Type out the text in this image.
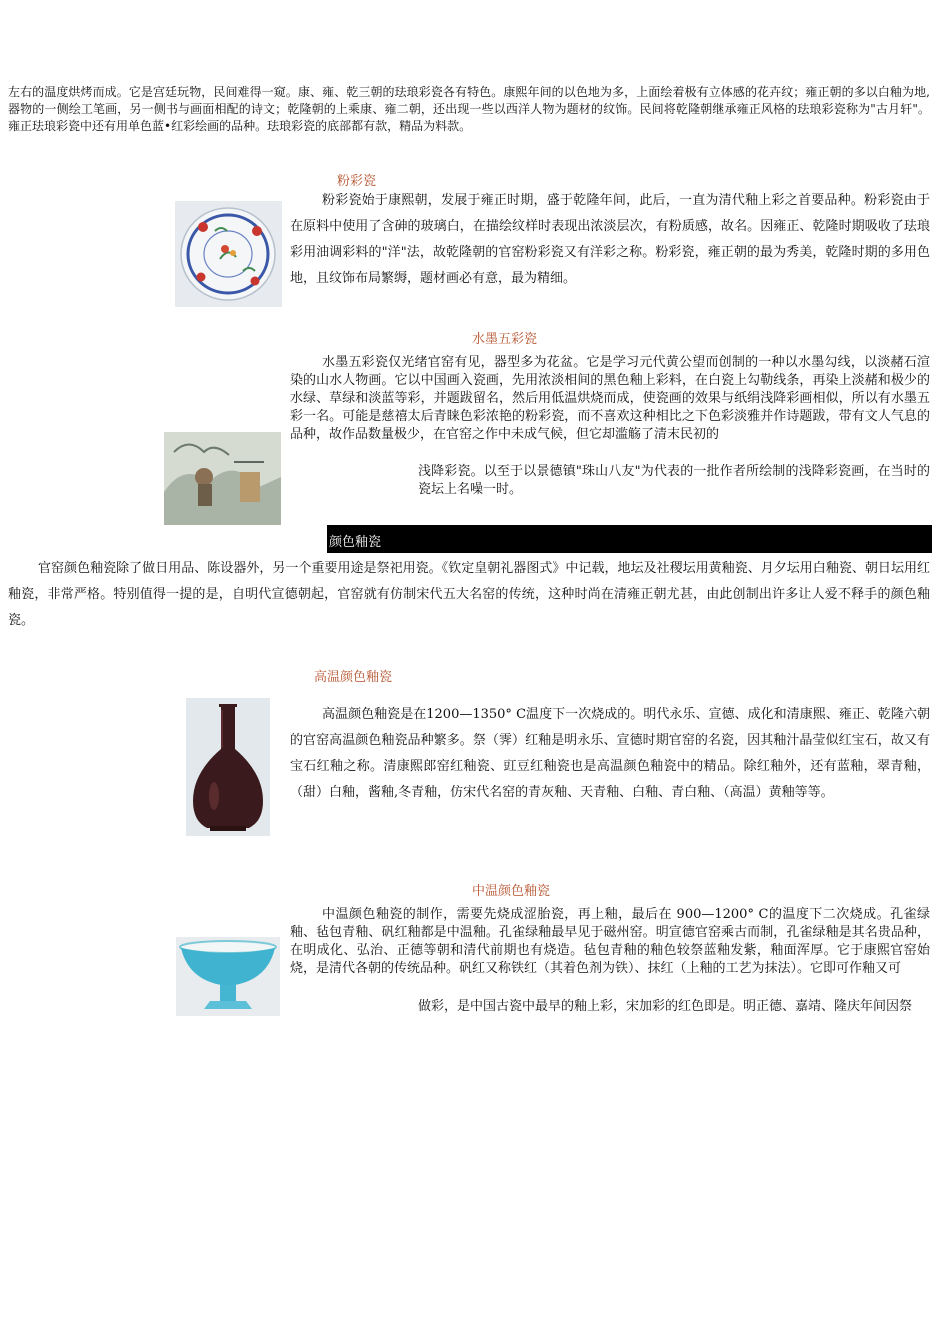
左右的温度烘烤而成。它是宫廷玩物，民间难得一窥。康、雍、乾三朝的珐琅彩瓷各有特色。康熙年间的以色地为多，上面绘着极有立体感的花卉纹；雍正朝的多以白釉为地,器物的一侧绘工笔画，另一侧书与画面相配的诗文；乾隆朝的上乘康、雍二朝，还出现一些以西洋人物为题材的纹饰。民间将乾隆朝继承雍正风格的珐琅彩瓷称为"古月轩"。雍正珐琅彩瓷中还有用单色蓝•红彩绘画的品种。珐琅彩瓷的底部都有款，精品为料款。

粉彩瓷

粉彩瓷始于康熙朝，发展于雍正时期，盛于乾隆年间，此后，一直为清代釉上彩之首要品种。粉彩瓷由于在原料中使用了含砷的玻璃白，在描绘纹样时表现出浓淡层次，有粉质感，故名。因雍正、乾隆时期吸收了珐琅彩用油调彩料的"洋"法，故乾隆朝的官窑粉彩瓷又有洋彩之称。粉彩瓷，雍正朝的最为秀美，乾隆时期的多用色地，且纹饰布局繁缛，题材画必有意，最为精细。

水墨五彩瓷

水墨五彩瓷仅光绪官窑有见，器型多为花盆。它是学习元代黄公望而创制的一种以水墨勾线，以淡赭石渲染的山水人物画。它以中国画入瓷画，先用浓淡相间的黑色釉上彩料，在白瓷上勾勒线条，再染上淡赭和极少的水绿、草绿和淡蓝等彩，并题跋留名，然后用低温烘烧而成，使瓷画的效果与纸绢浅降彩画相似，所以有水墨五彩一名。可能是慈禧太后青睐色彩浓艳的粉彩瓷，而不喜欢这种相比之下色彩淡雅并作诗题跋，带有文人气息的品种，故作品数量极少，在官窑之作中未成气候，但它却滥觞了清末民初的

浅降彩瓷。以至于以景德镇"珠山八友"为代表的一批作者所绘制的浅降彩瓷画，在当时的瓷坛上名噪一时。

颜色釉瓷

官窑颜色釉瓷除了做日用品、陈设器外，另一个重要用途是祭祀用瓷。《钦定皇朝礼器图式》中记载，地坛及社稷坛用黄釉瓷、月夕坛用白釉瓷、朝日坛用红釉瓷，非常严格。特别值得一提的是，自明代宣德朝起，官窑就有仿制宋代五大名窑的传统，这种时尚在清雍正朝尤甚，由此创制出许多让人爱不释手的颜色釉瓷。

高温颜色釉瓷

高温颜色釉瓷是在1200—1350° C温度下一次烧成的。明代永乐、宣德、成化和清康熙、雍正、乾隆六朝的官窑高温颜色釉瓷品种繁多。祭（霁）红釉是明永乐、宣德时期官窑的名瓷，因其釉汁晶莹似红宝石，故又有宝石红釉之称。清康熙郎窑红釉瓷、豇豆红釉瓷也是高温颜色釉瓷中的精品。除红釉外，还有蓝釉，翠青釉，（甜）白釉，酱釉,冬青釉，仿宋代名窑的青灰釉、天青釉、白釉、青白釉、（高温）黄釉等等。

中温颜色釉瓷

中温颜色釉瓷的制作，需要先烧成涩胎瓷，再上釉，最后在 900—1200° C的温度下二次烧成。孔雀绿釉、毡包青釉、矾红釉都是中温釉。孔雀绿釉最早见于磁州窑。明宣德官窑乘古而制，孔雀绿釉是其名贵品种，在明成化、弘治、正德等朝和清代前期也有烧造。毡包青釉的釉色较祭蓝釉发紫，釉面浑厚。它于康熙官窑始烧，是清代各朝的传统品种。矾红又称铁红（其着色剂为铁）、抹红（上釉的工艺为抹法）。它即可作釉又可

做彩，是中国古瓷中最早的釉上彩，宋加彩的红色即是。明正德、嘉靖、隆庆年间因祭
